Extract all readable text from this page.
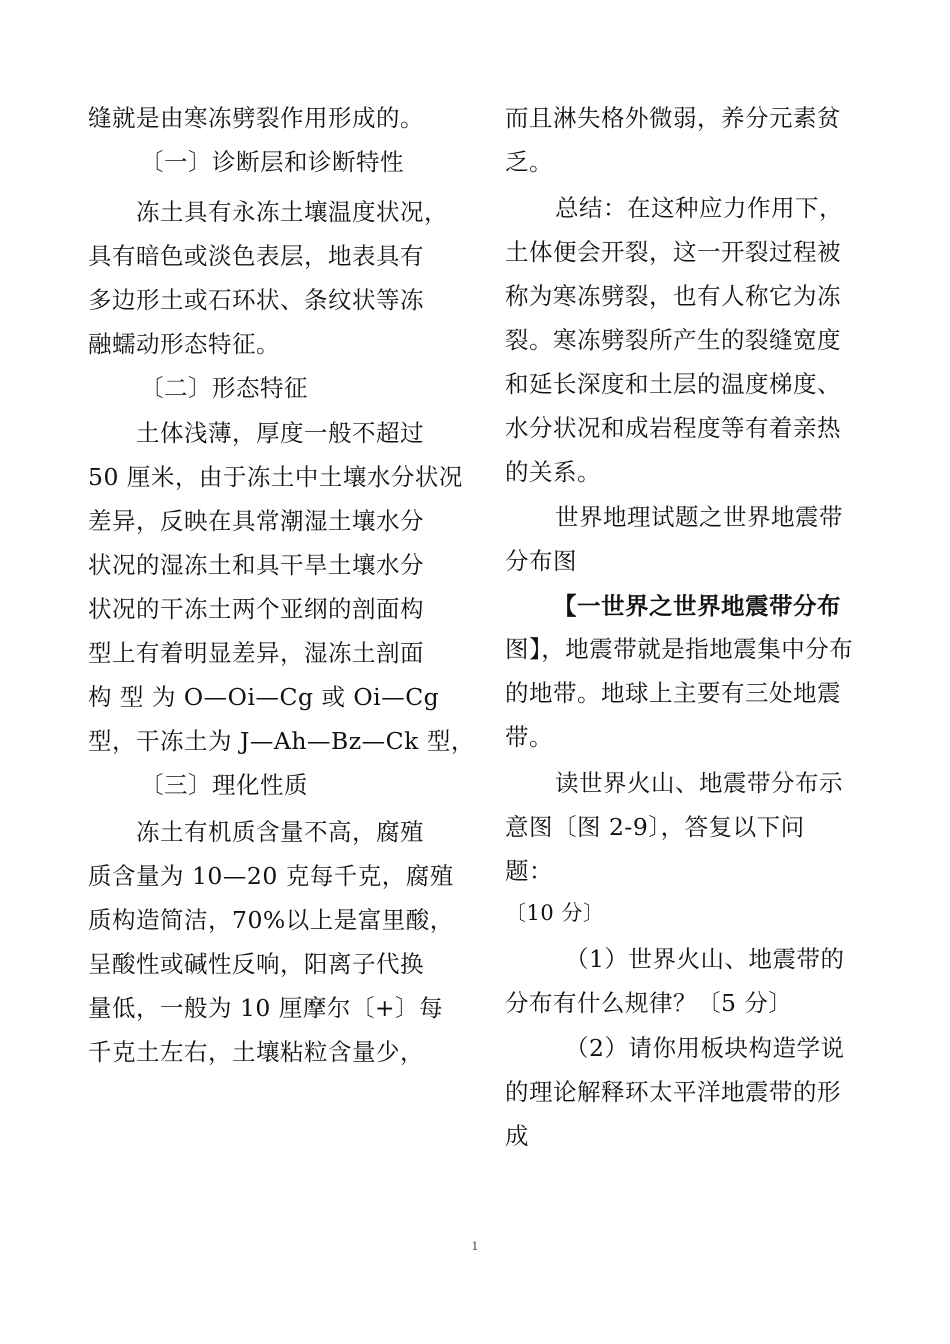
缝就是由寒冻劈裂作用形成的。
〔一〕诊断层和诊断特性
冻土具有永冻土壤温度状况，
具有暗色或淡色表层，地表具有
多边形土或石环状、条纹状等冻
融蠕动形态特征。
〔二〕形态特征
土体浅薄，厚度一般不超过
50 厘米，由于冻土中土壤水分状况
差异，反映在具常潮湿土壤水分
状况的湿冻土和具干旱土壤水分
状况的干冻土两个亚纲的剖面构
型上有着明显差异，湿冻土剖面
构 型 为 O—Oi—Cg 或 Oi—Cg
型，干冻土为 J—Ah—Bz—Ck 型，
〔三〕理化性质
冻土有机质含量不高，腐殖
质含量为 10—20 克每千克，腐殖
质构造简洁，70%以上是富里酸，
呈酸性或碱性反响，阳离子代换
量低，一般为 10 厘摩尔〔+〕每
千克土左右，土壤粘粒含量少，
而且淋失格外微弱，养分元素贫
乏。
总结：在这种应力作用下，
土体便会开裂，这一开裂过程被
称为寒冻劈裂，也有人称它为冻
裂。寒冻劈裂所产生的裂缝宽度
和延长深度和土层的温度梯度、
水分状况和成岩程度等有着亲热
的关系。
世界地理试题之世界地震带
分布图
【一世界之世界地震带分布
图】，地震带就是指地震集中分布
的地带。地球上主要有三处地震
带。
读世界火山、地震带分布示
意图〔图 2-9〕，答复以下问
题：
〔10 分〕
（1）世界火山、地震带的
分布有什么规律？〔5 分〕
（2）请你用板块构造学说
的理论解释环太平洋地震带的形
成
1
